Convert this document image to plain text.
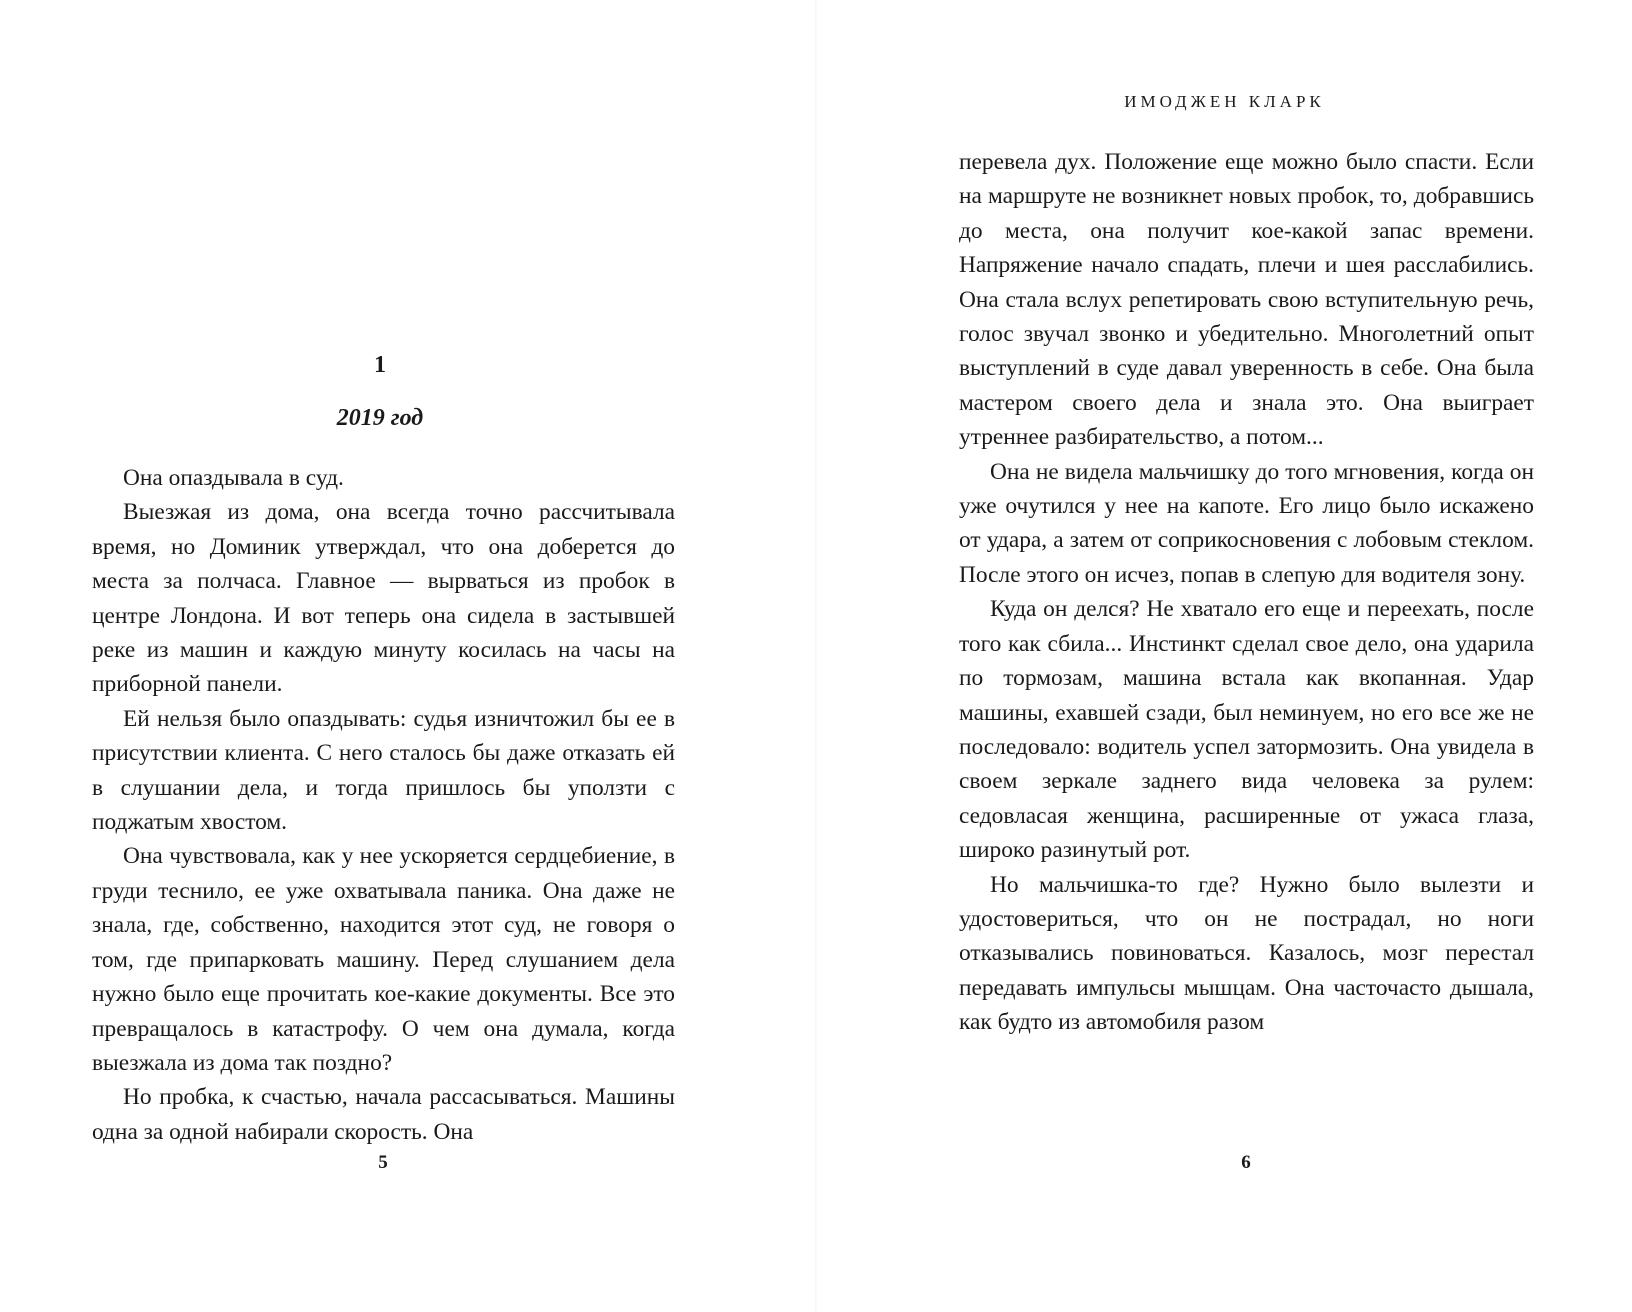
1
2019 год

Она опаздывала в суд.

Выезжая из дома, она всегда точно рассчитывала время, но Доминик утверждал, что она доберется до места за полчаса. Главное — вырваться из пробок в центре Лондона. И вот теперь она сидела в застывшей реке из машин и каждую минуту косилась на часы на приборной панели.

Ей нельзя было опаздывать: судья изничтожил бы ее в присутствии клиента. С него сталось бы даже отказать ей в слушании дела, и тогда пришлось бы уползти с поджатым хвостом.

Она чувствовала, как у нее ускоряется сердцебиение, в груди теснило, ее уже охватывала паника. Она даже не знала, где, собственно, находится этот суд, не говоря о том, где припарковать машину. Перед слушанием дела нужно было еще прочитать кое-какие документы. Все это превращалось в катастрофу. О чем она думала, когда выезжала из дома так поздно?

Но пробка, к счастью, начала рассасываться. Машины одна за одной набирали скорость. Она

5
ИМОДЖЕН КЛАРК

перевела дух. Положение еще можно было спасти. Если на маршруте не возникнет новых пробок, то, добравшись до места, она получит кое-какой запас времени. Напряжение начало спадать, плечи и шея расслабились. Она стала вслух репетировать свою вступительную речь, голос звучал звонко и убедительно. Многолетний опыт выступлений в суде давал уверенность в себе. Она была мастером своего дела и знала это. Она выиграет утреннее разбирательство, а потом...

Она не видела мальчишку до того мгновения, когда он уже очутился у нее на капоте. Его лицо было искажено от удара, а затем от соприкосновения с лобовым стеклом. После этого он исчез, попав в слепую для водителя зону.

Куда он делся? Не хватало его еще и переехать, после того как сбила... Инстинкт сделал свое дело, она ударила по тормозам, машина встала как вкопанная. Удар машины, ехавшей сзади, был неминуем, но его все же не последовало: водитель успел затормозить. Она увидела в своем зеркале заднего вида человека за рулем: седовласая женщина, расширенные от ужаса глаза, широко разинутый рот.

Но мальчишка-то где? Нужно было вылезти и удостовериться, что он не пострадал, но ноги отказывались повиноваться. Казалось, мозг перестал передавать импульсы мышцам. Она часточасто дышала, как будто из автомобиля разом

6
